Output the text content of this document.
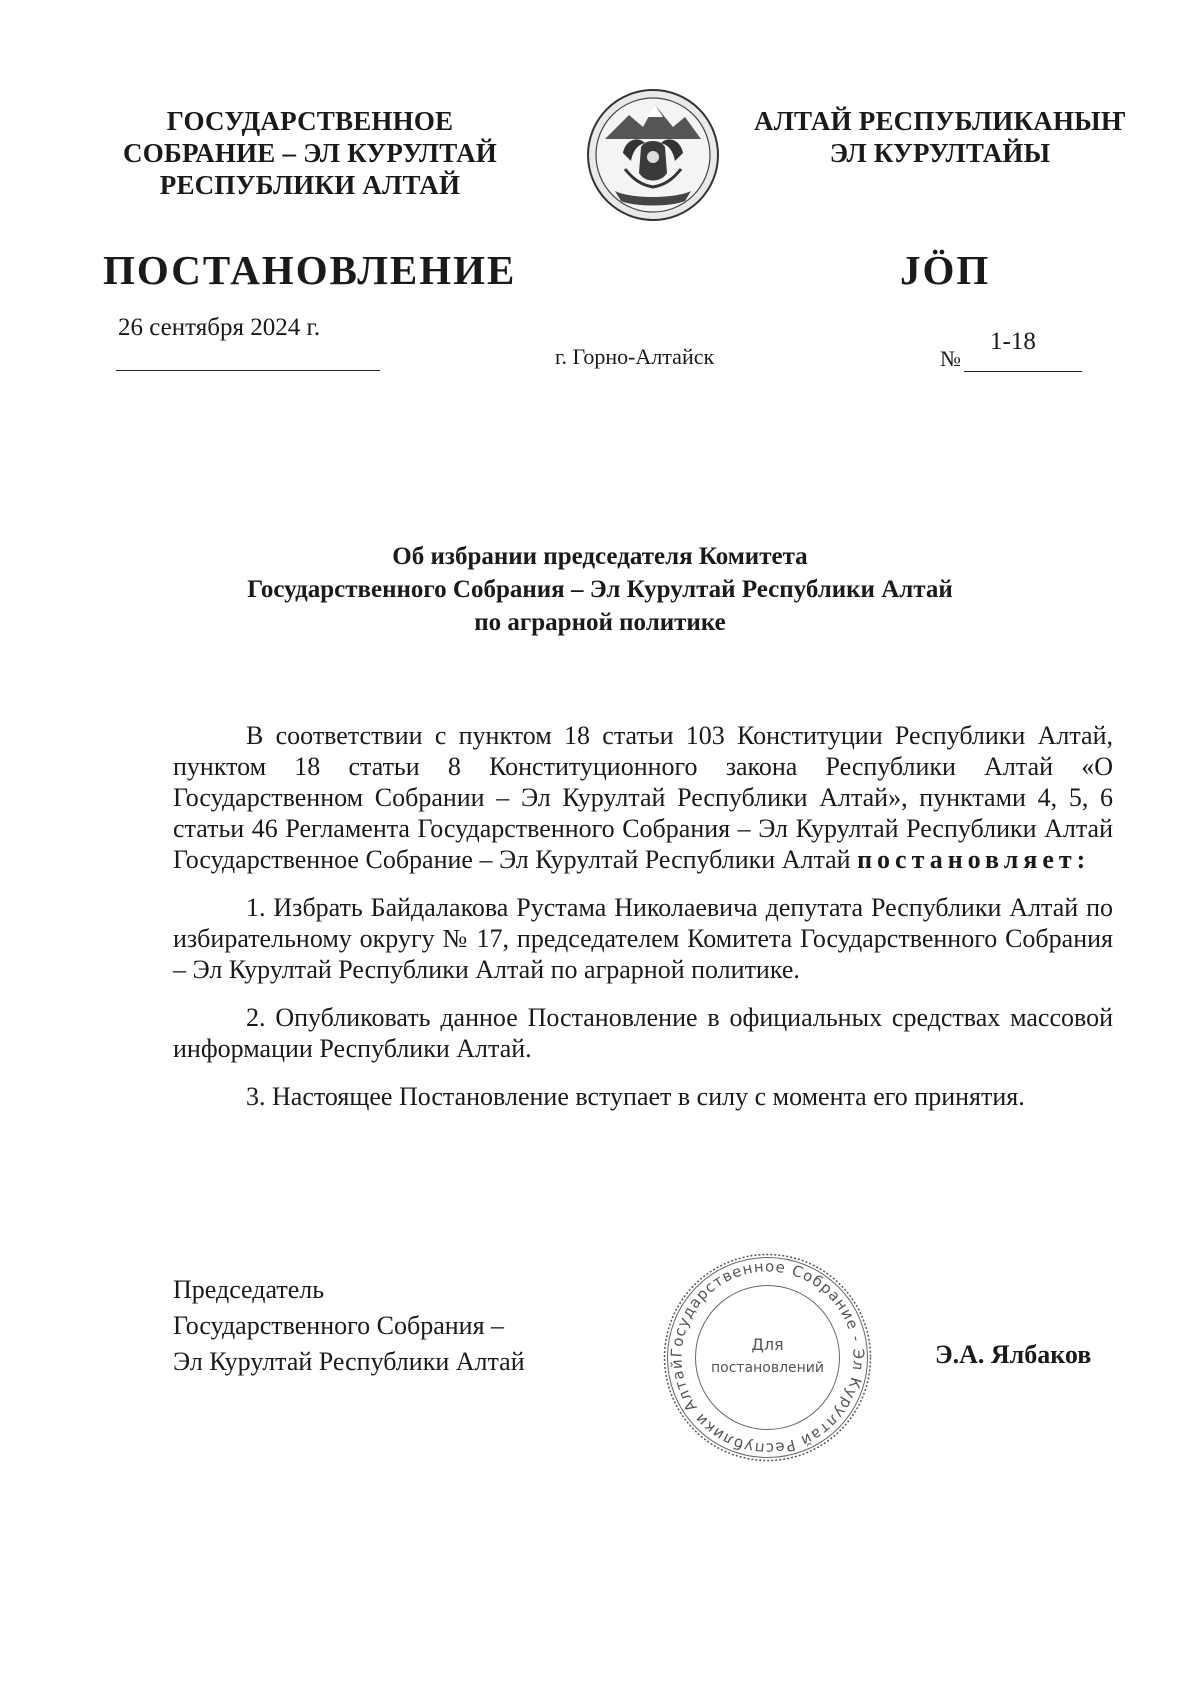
ГОСУДАРСТВЕННОЕ
СОБРАНИЕ – ЭЛ КУРУЛТАЙ
РЕСПУБЛИКИ АЛТАЙ
АЛТАЙ РЕСПУБЛИКАНЫҤ
ЭЛ КУРУЛТАЙЫ
ПОСТАНОВЛЕНИЕ	JÖП
26 сентября 2024 г.
г. Горно-Алтайск	№
1-18
Об избрании председателя Комитета
Государственного Собрания – Эл Курултай Республики Алтай
по аграрной политике

В соответствии с пунктом 18 статьи 103 Конституции Республики Алтай, пунктом 18 статьи 8 Конституционного закона Республики Алтай «О Государственном Собрании – Эл Курултай Республики Алтай», пунктами 4, 5, 6 статьи 46 Регламента Государственного Собрания – Эл Курултай Республики Алтай Государственное Собрание – Эл Курултай Республики Алтай постановляет:

1. Избрать Байдалакова Рустама Николаевича депутата Республики Алтай по избирательному округу № 17, председателем Комитета Государственного Собрания – Эл Курултай Республики Алтай по аграрной политике.

2. Опубликовать данное Постановление в официальных средствах массовой информации Республики Алтай.

3. Настоящее Постановление вступает в силу с момента его принятия.

Председатель
Государственного Собрания –
Эл Курултай Республики Алтай	Государственное Собрание - Эл Курултай Республики Алтай
Для
постановлений	Э.А. Ялбаков
